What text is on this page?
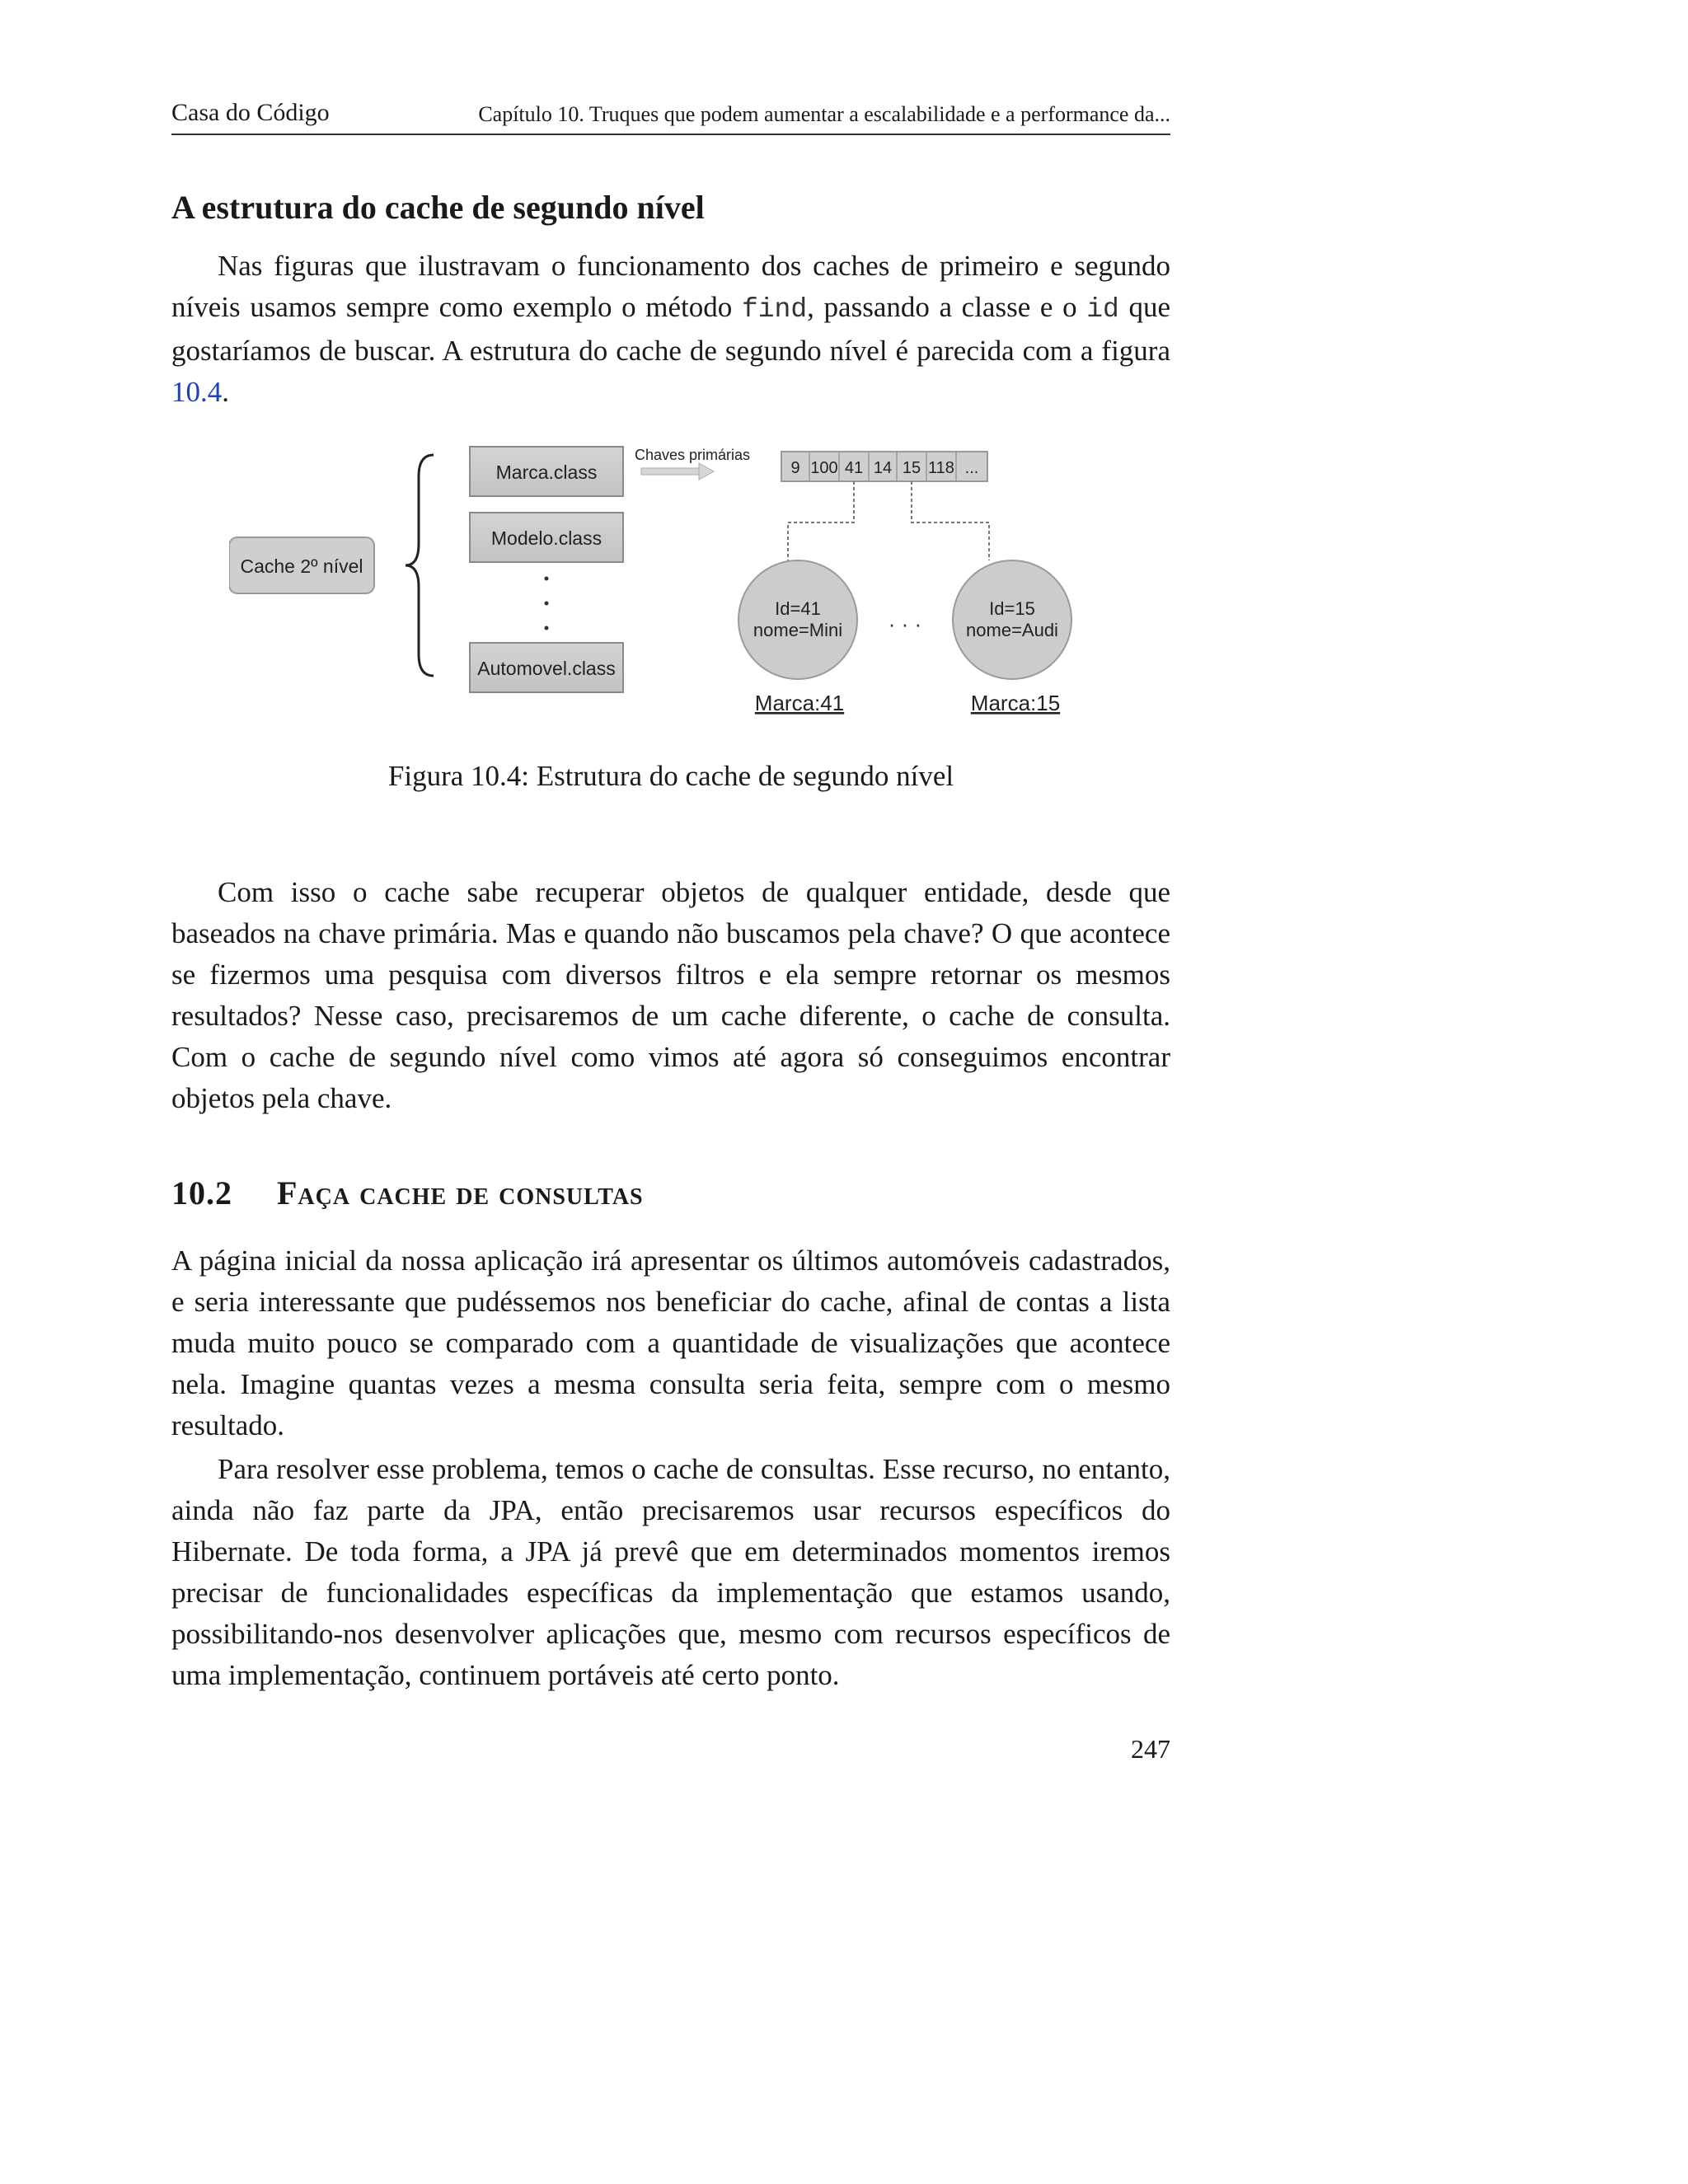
Casa do Código	Capítulo 10. Truques que podem aumentar a escalabilidade e a performance da...
A estrutura do cache de segundo nível

Nas figuras que ilustravam o funcionamento dos caches de primeiro e segundo níveis usamos sempre como exemplo o método find, passando a classe e o id que gostaríamos de buscar. A estrutura do cache de segundo nível é parecida com a figura 10.4.

Cache 2º nível
Marca.class
Modelo.class
Automovel.class
Chaves primárias
9 100 41 14 15 118 ...
Id=41
nome=Mini
Marca:41
· · ·
Id=15
nome=Audi
Marca:15
Figura 10.4: Estrutura do cache de segundo nível

Com isso o cache sabe recuperar objetos de qualquer entidade, desde que baseados na chave primária. Mas e quando não buscamos pela chave? O que acontece se fizermos uma pesquisa com diversos filtros e ela sempre retornar os mesmos resultados? Nesse caso, precisaremos de um cache diferente, o cache de consulta. Com o cache de segundo nível como vimos até agora só conseguimos encontrar objetos pela chave.

10.2 Faça cache de consultas

A página inicial da nossa aplicação irá apresentar os últimos automóveis cadastrados, e seria interessante que pudéssemos nos beneficiar do cache, afinal de contas a lista muda muito pouco se comparado com a quantidade de visualizações que acontece nela. Imagine quantas vezes a mesma consulta seria feita, sempre com o mesmo resultado.

Para resolver esse problema, temos o cache de consultas. Esse recurso, no entanto, ainda não faz parte da JPA, então precisaremos usar recursos específicos do Hibernate. De toda forma, a JPA já prevê que em determinados momentos iremos precisar de funcionalidades específicas da implementação que estamos usando, possibilitando-nos desenvolver aplicações que, mesmo com recursos específicos de uma implementação, continuem portáveis até certo ponto.

247
